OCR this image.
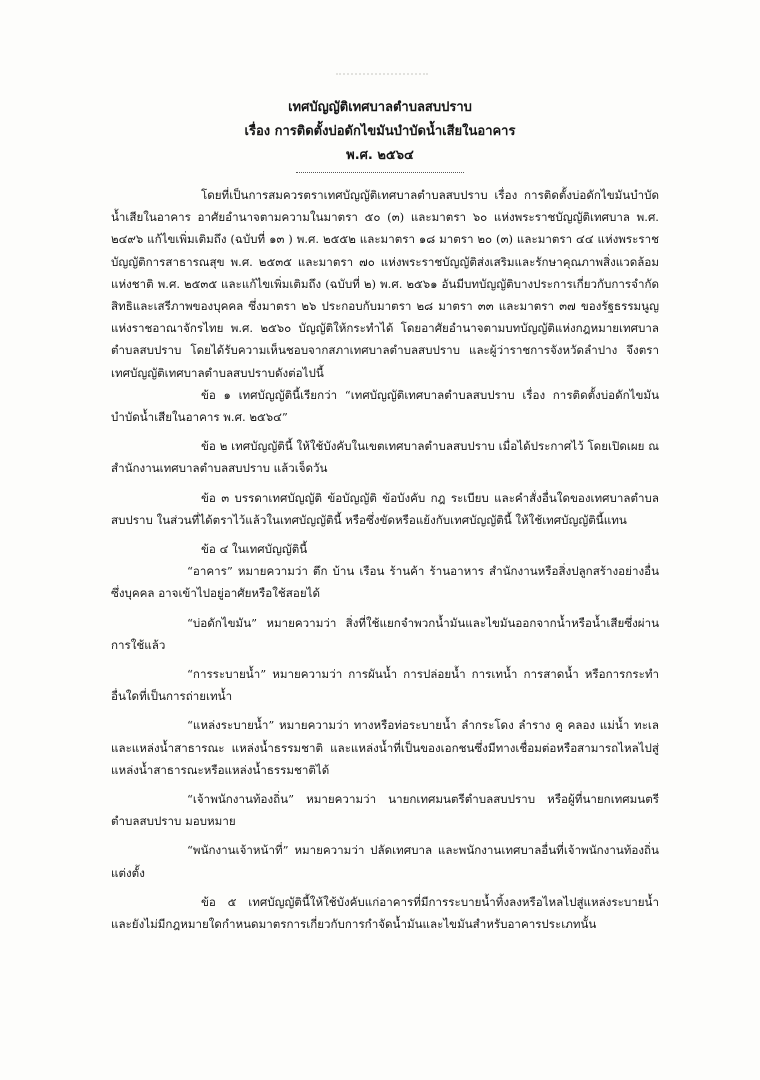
เทศบัญญัติเทศบาลตำบลสบปราบ

เรื่อง การติดตั้งบ่อดักไขมันบำบัดน้ำเสียในอาคาร

พ.ศ. ๒๕๖๔

โดยที่เป็นการสมควรตราเทศบัญญัติเทศบาลตำบลสบปราบ เรื่อง การติดตั้งบ่อดักไขมันบำบัด น้ำเสียในอาคาร อาศัยอำนาจตามความในมาตรา ๕๐ (๓) และมาตรา ๖๐ แห่งพระราชบัญญัติเทศบาล พ.ศ. ๒๔๙๖ แก้ไขเพิ่มเติมถึง (ฉบับที่ ๑๓ ) พ.ศ. ๒๕๕๒ และมาตรา ๑๘ มาตรา ๒๐ (๓) และมาตรา ๔๔ แห่งพระราชบัญญัติการสาธารณสุข พ.ศ. ๒๕๓๕ และมาตรา ๗๐ แห่งพระราชบัญญัติส่งเสริมและรักษาคุณภาพสิ่งแวดล้อมแห่งชาติ พ.ศ. ๒๕๓๕ และแก้ไขเพิ่มเติมถึง (ฉบับที่ ๒) พ.ศ. ๒๕๖๑ อันมีบทบัญญัติบางประการเกี่ยวกับการจำกัดสิทธิและเสรีภาพของบุคคล ซึ่งมาตรา ๒๖ ประกอบกับมาตรา ๒๘ มาตรา ๓๓ และมาตรา ๓๗ ของรัฐธรรมนูญแห่งราชอาณาจักรไทย พ.ศ. ๒๕๖๐ บัญญัติให้กระทำได้ โดยอาศัยอำนาจตามบทบัญญัติแห่งกฎหมายเทศบาลตำบลสบปราบ โดยได้รับความเห็นชอบจากสภาเทศบาลตำบลสบปราบ และผู้ว่าราชการจังหวัดลำปาง จึงตราเทศบัญญัติเทศบาลตำบลสบปราบดังต่อไปนี้

ข้อ ๑ เทศบัญญัตินี้เรียกว่า “เทศบัญญัติเทศบาลตำบลสบปราบ เรื่อง การติดตั้งบ่อดักไขมันบำบัดน้ำเสียในอาคาร พ.ศ. ๒๕๖๔”

ข้อ ๒ เทศบัญญัตินี้ ให้ใช้บังคับในเขตเทศบาลตำบลสบปราบ เมื่อได้ประกาศไว้ โดยเปิดเผย ณ สำนักงานเทศบาลตำบลสบปราบ แล้วเจ็ดวัน

ข้อ ๓ บรรดาเทศบัญญัติ ข้อบัญญัติ ข้อบังคับ กฎ ระเบียบ และคำสั่งอื่นใดของเทศบาลตำบลสบปราบ ในส่วนที่ได้ตราไว้แล้วในเทศบัญญัตินี้ หรือซึ่งขัดหรือแย้งกับเทศบัญญัตินี้ ให้ใช้เทศบัญญัตินี้แทน

ข้อ ๔ ในเทศบัญญัตินี้

“อาคาร” หมายความว่า ตึก บ้าน เรือน ร้านค้า ร้านอาหาร สำนักงานหรือสิ่งปลูกสร้างอย่างอื่น ซึ่งบุคคล อาจเข้าไปอยู่อาศัยหรือใช้สอยได้

“บ่อดักไขมัน” หมายความว่า สิ่งที่ใช้แยกจำพวกน้ำมันและไขมันออกจากน้ำหรือน้ำเสียซึ่งผ่านการใช้แล้ว

“การระบายน้ำ” หมายความว่า การผันน้ำ การปล่อยน้ำ การเทน้ำ การสาดน้ำ หรือการกระทำอื่นใดที่เป็นการถ่ายเทน้ำ

“แหล่งระบายน้ำ” หมายความว่า ทางหรือท่อระบายน้ำ ลำกระโดง ลำราง คู คลอง แม่น้ำ ทะเลและแหล่งน้ำสาธารณะ แหล่งน้ำธรรมชาติ และแหล่งน้ำที่เป็นของเอกชนซึ่งมีทางเชื่อมต่อหรือสามารถไหลไปสู่แหล่งน้ำสาธารณะหรือแหล่งน้ำธรรมชาติได้

“เจ้าพนักงานท้องถิ่น” หมายความว่า นายกเทศมนตรีตำบลสบปราบ หรือผู้ที่นายกเทศมนตรีตำบลสบปราบ มอบหมาย

“พนักงานเจ้าหน้าที่” หมายความว่า ปลัดเทศบาล และพนักงานเทศบาลอื่นที่เจ้าพนักงานท้องถิ่นแต่งตั้ง

ข้อ ๕ เทศบัญญัตินี้ให้ใช้บังคับแก่อาคารที่มีการระบายน้ำทิ้งลงหรือไหลไปสู่แหล่งระบายน้ำ และยังไม่มีกฎหมายใดกำหนดมาตรการเกี่ยวกับการกำจัดน้ำมันและไขมันสำหรับอาคารประเภทนั้น
